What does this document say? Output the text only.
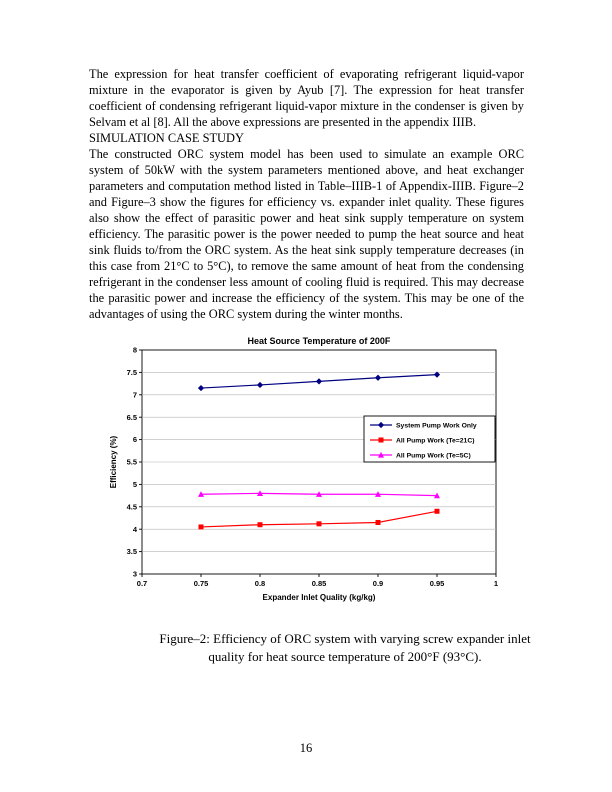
The expression for heat transfer coefficient of evaporating refrigerant liquid-vapor mixture in the evaporator is given by Ayub [7]. The expression for heat transfer coefficient of condensing refrigerant liquid-vapor mixture in the condenser is given by Selvam et al [8]. All the above expressions are presented in the appendix IIIB.

SIMULATION CASE STUDY

The constructed ORC system model has been used to simulate an example ORC system of 50kW with the system parameters mentioned above, and heat exchanger parameters and computation method listed in Table–IIIB-1 of Appendix-IIIB. Figure–2 and Figure–3 show the figures for efficiency vs. expander inlet quality. These figures also show the effect of parasitic power and heat sink supply temperature on system efficiency. The parasitic power is the power needed to pump the heat source and heat sink fluids to/from the ORC system. As the heat sink supply temperature decreases (in this case from 21°C to 5°C), to remove the same amount of heat from the condensing refrigerant in the condenser less amount of cooling fluid is required. This may decrease the parasitic power and increase the efficiency of the system. This may be one of the advantages of using the ORC system during the winter months.

3
3.5
4
4.5
5
5.5
6
6.5
7
7.5
8
0.7	0.75	0.8	0.85	0.9	0.95	1
Heat Source Temperature of 200F
Expander Inlet Quality (kg/kg)
Efficiency (%)
System Pump Work Only
All Pump Work (Te=21C)
All Pump Work (Te=5C)
Figure–2: Efficiency of ORC system with varying screw expander inlet
quality for heat source temperature of 200°F (93°C).
16
